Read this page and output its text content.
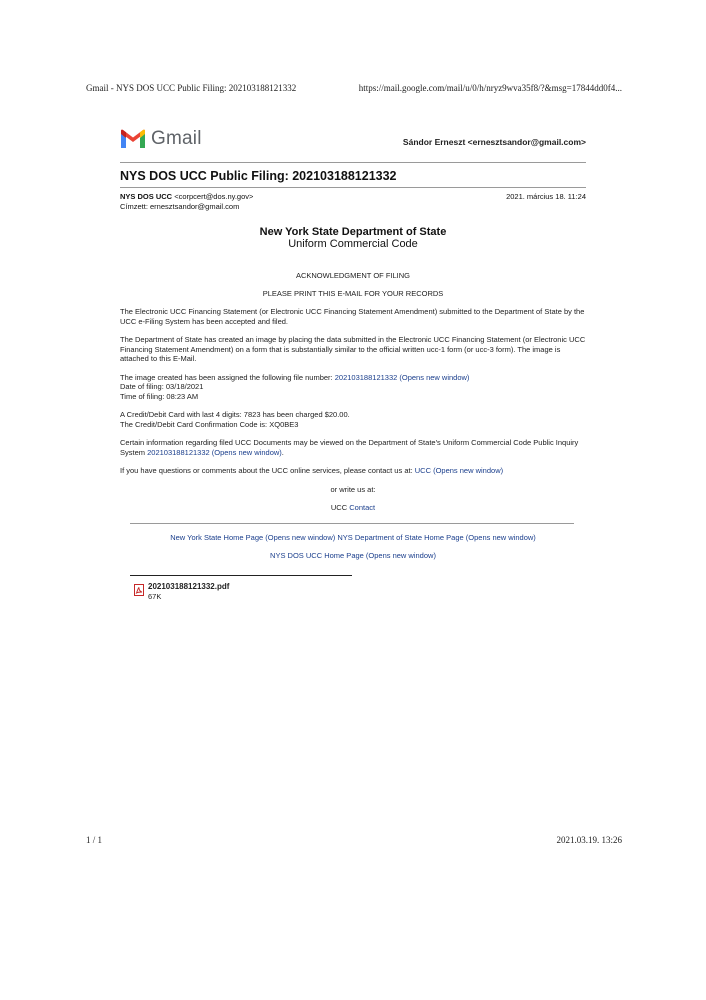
Gmail - NYS DOS UCC Public Filing: 202103188121332	https://mail.google.com/mail/u/0/h/nryz9wva35f8/?&msg=17844dd0f4...
Gmail	Sándor Erneszt <ernesztsandor@gmail.com>
NYS DOS UCC Public Filing: 202103188121332
NYS DOS UCC <corpcert@dos.ny.gov>	2021. március 18. 11:24
Címzett: ernesztsandor@gmail.com
New York State Department of State
Uniform Commercial Code
ACKNOWLEDGMENT OF FILING
PLEASE PRINT THIS E-MAIL FOR YOUR RECORDS
The Electronic UCC Financing Statement (or Electronic UCC Financing Statement Amendment) submitted to the Department of State by the UCC e-Filing System has been accepted and filed.
The Department of State has created an image by placing the data submitted in the Electronic UCC Financing Statement (or Electronic UCC Financing Statement Amendment) on a form that is substantially similar to the official written ucc-1 form (or ucc-3 form). The image is attached to this E-Mail.
The image created has been assigned the following file number: 202103188121332 (Opens new window)
Date of filing: 03/18/2021
Time of filing: 08:23 AM
A Credit/Debit Card with last 4 digits: 7823 has been charged $20.00.
The Credit/Debit Card Confirmation Code is: XQ0BE3
Certain information regarding filed UCC Documents may be viewed on the Department of State's Uniform Commercial Code Public Inquiry System 202103188121332 (Opens new window).
If you have questions or comments about the UCC online services, please contact us at: UCC (Opens new window)
or write us at:
UCC Contact
New York State Home Page (Opens new window) NYS Department of State Home Page (Opens new window)
NYS DOS UCC Home Page (Opens new window)
202103188121332.pdf
67K
1 / 1	2021.03.19. 13:26
